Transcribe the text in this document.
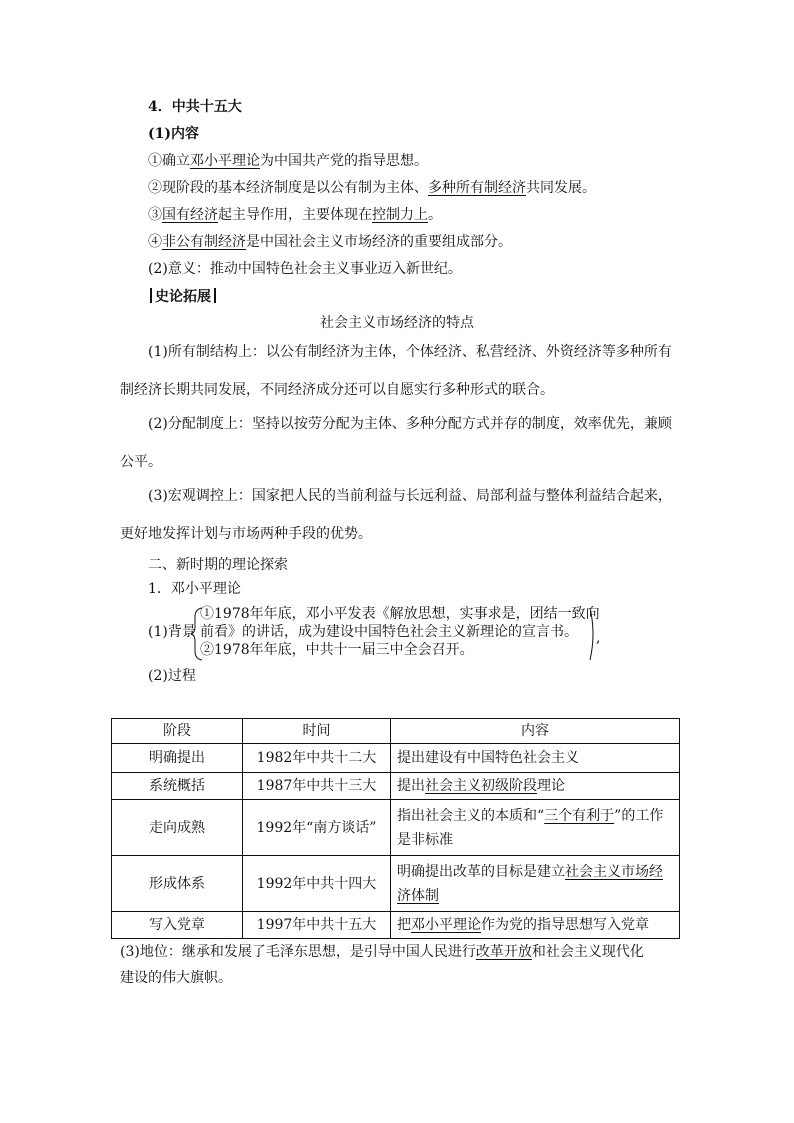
4．中共十五大
(1)内容
①确立邓小平理论为中国共产党的指导思想。
②现阶段的基本经济制度是以公有制为主体、多种所有制经济共同发展。
③国有经济起主导作用，主要体现在控制力上。
④非公有制经济是中国社会主义市场经济的重要组成部分。
(2)意义：推动中国特色社会主义事业迈入新世纪。
史论拓展
社会主义市场经济的特点
(1)所有制结构上：以公有制经济为主体，个体经济、私营经济、外资经济等多种所有
制经济长期共同发展，不同经济成分还可以自愿实行多种形式的联合。
(2)分配制度上：坚持以按劳分配为主体、多种分配方式并存的制度，效率优先，兼顾
公平。
(3)宏观调控上：国家把人民的当前利益与长远利益、局部利益与整体利益结合起来，
更好地发挥计划与市场两种手段的优势。
二、新时期的理论探索
1．邓小平理论
(1)背景
①1978年年底，邓小平发表《解放思想，实事求是，团结一致向
前看》的讲话，成为建设中国特色社会主义新理论的宣言书。
②1978年年底，中共十一届三中全会召开。
,
(2)过程
阶段	时间	内容
明确提出	1982年中共十二大	提出建设有中国特色社会主义
系统概括	1987年中共十三大	提出社会主义初级阶段理论
走向成熟	1992年“南方谈话”	指出社会主义的本质和“三个有利于”的工作
是非标准
形成体系	1992年中共十四大	明确提出改革的目标是建立社会主义市场经
济体制
写入党章	1997年中共十五大	把邓小平理论作为党的指导思想写入党章
(3)地位：继承和发展了毛泽东思想，是引导中国人民进行改革开放和社会主义现代化
建设的伟大旗帜。
